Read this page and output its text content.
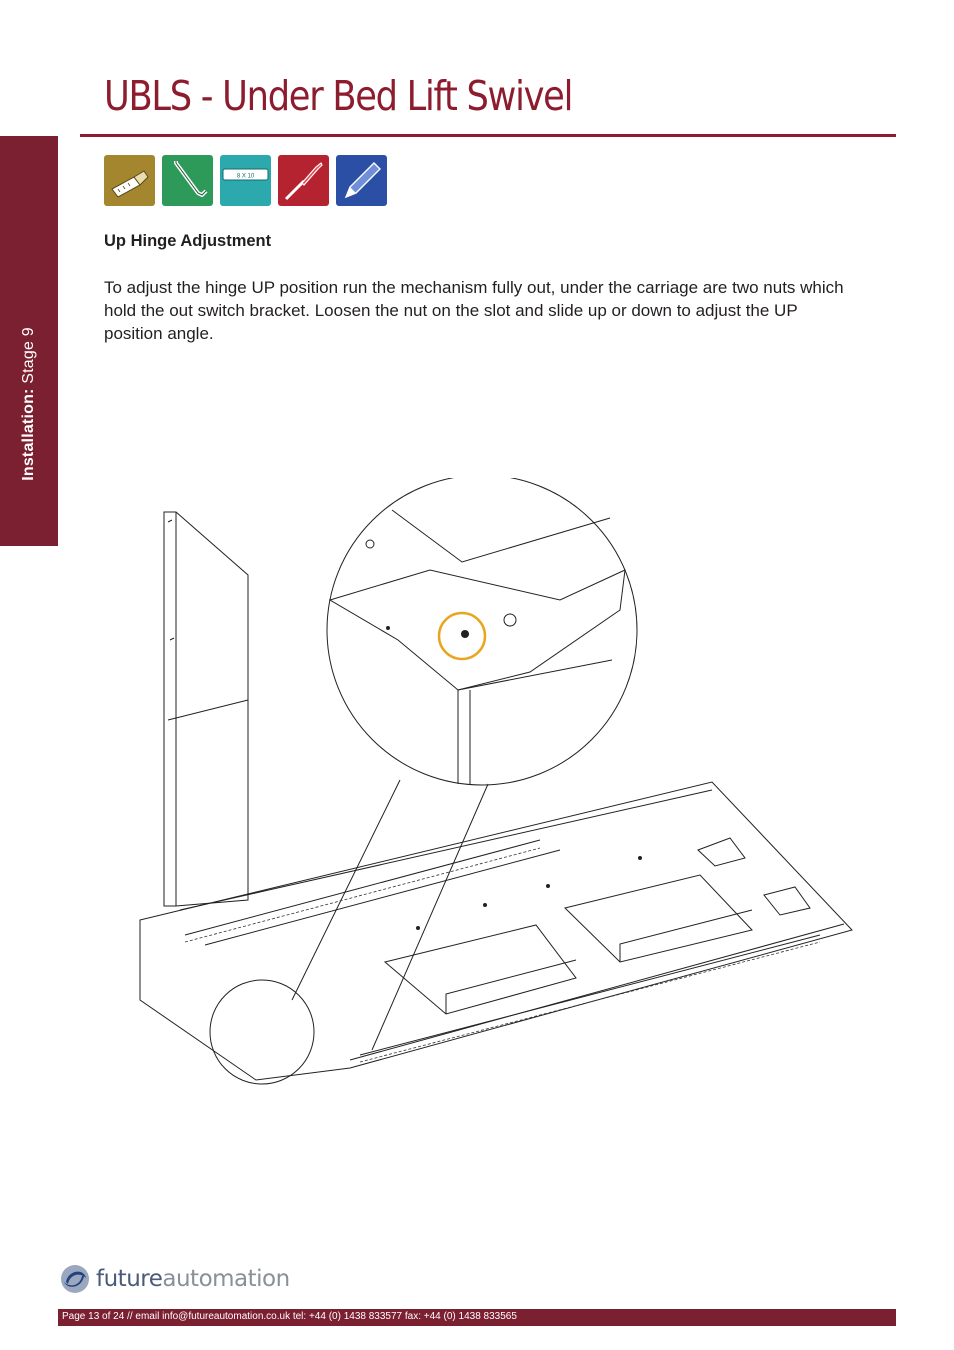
Installation: Stage 9
UBLS - Under Bed Lift Swivel
8 X 10
Up Hinge Adjustment

To adjust the hinge UP position run the mechanism fully out, under the carriage are two nuts which hold the out switch bracket. Loosen the nut on the slot and slide up or down to adjust the UP position angle.

futureautomation
Page 13 of 24 // email info@futureautomation.co.uk tel: +44 (0) 1438 833577 fax: +44 (0) 1438 833565
